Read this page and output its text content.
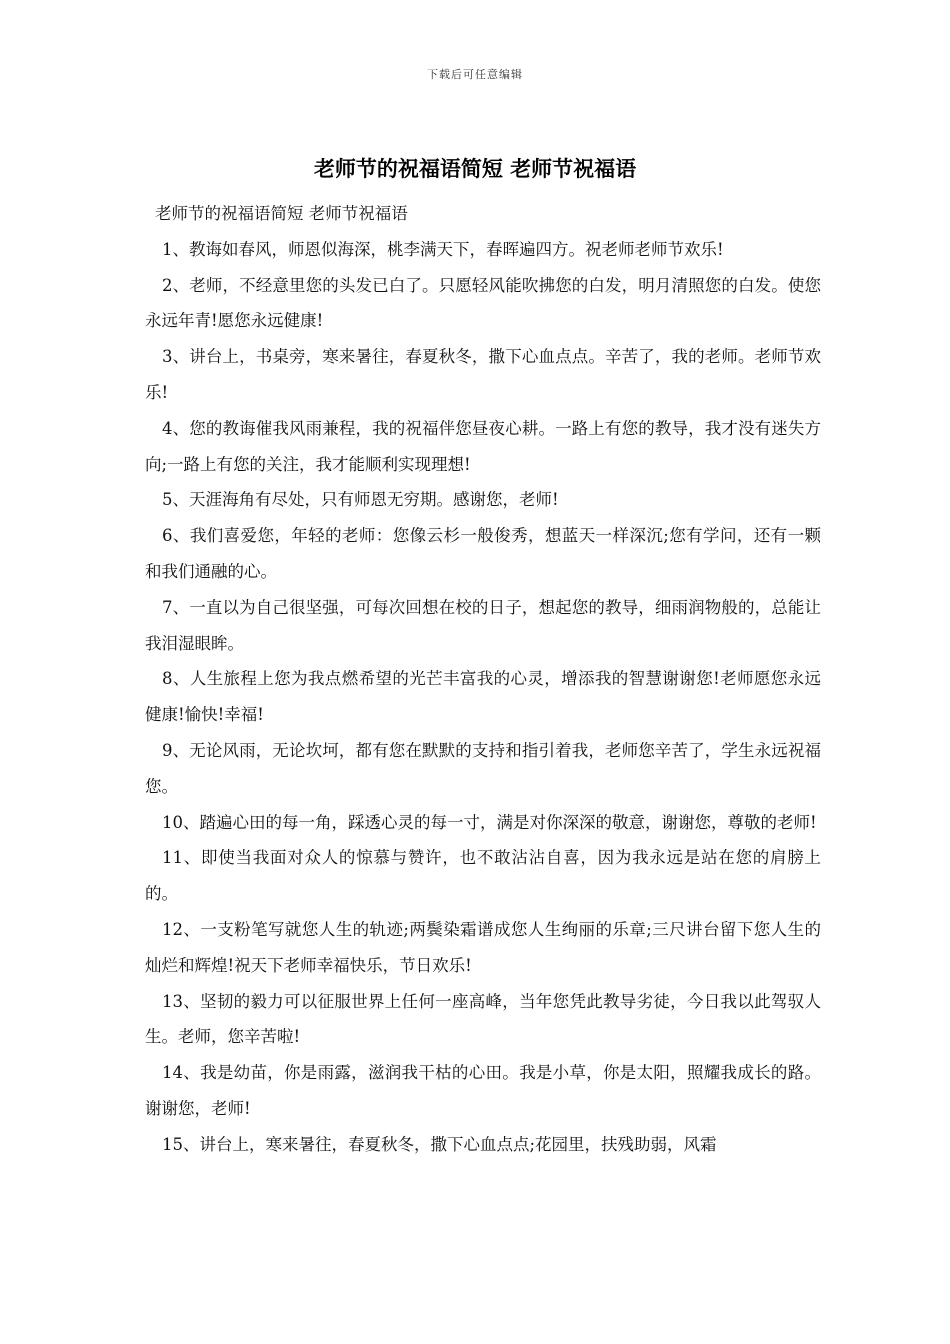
下载后可任意编辑
老师节的祝福语简短 老师节祝福语

老师节的祝福语简短 老师节祝福语

1、教诲如春风，师恩似海深，桃李满天下，春晖遍四方。祝老师老师节欢乐!

2、老师，不经意里您的头发已白了。只愿轻风能吹拂您的白发，明月清照您的白发。使您永远年青!愿您永远健康!

3、讲台上，书桌旁，寒来暑往，春夏秋冬，撒下心血点点。辛苦了，我的老师。老师节欢乐!

4、您的教诲催我风雨兼程，我的祝福伴您昼夜心耕。一路上有您的教导，我才没有迷失方向;一路上有您的关注，我才能顺利实现理想!

5、天涯海角有尽处，只有师恩无穷期。感谢您，老师!

6、我们喜爱您，年轻的老师：您像云杉一般俊秀，想蓝天一样深沉;您有学问，还有一颗和我们通融的心。

7、一直以为自己很坚强，可每次回想在校的日子，想起您的教导，细雨润物般的，总能让我泪湿眼眸。

8、人生旅程上您为我点燃希望的光芒丰富我的心灵，增添我的智慧谢谢您!老师愿您永远健康!愉快!幸福!

9、无论风雨，无论坎坷，都有您在默默的支持和指引着我，老师您辛苦了，学生永远祝福您。

10、踏遍心田的每一角，踩透心灵的每一寸，满是对你深深的敬意，谢谢您，尊敬的老师!

11、即使当我面对众人的惊慕与赞许，也不敢沾沾自喜，因为我永远是站在您的肩膀上的。

12、一支粉笔写就您人生的轨迹;两鬓染霜谱成您人生绚丽的乐章;三尺讲台留下您人生的灿烂和辉煌!祝天下老师幸福快乐，节日欢乐!

13、坚韧的毅力可以征服世界上任何一座高峰，当年您凭此教导劣徒，今日我以此驾驭人生。老师，您辛苦啦!

14、我是幼苗，你是雨露，滋润我干枯的心田。我是小草，你是太阳，照耀我成长的路。谢谢您，老师!

15、讲台上，寒来暑往，春夏秋冬，撒下心血点点;花园里，扶残助弱，风霜
